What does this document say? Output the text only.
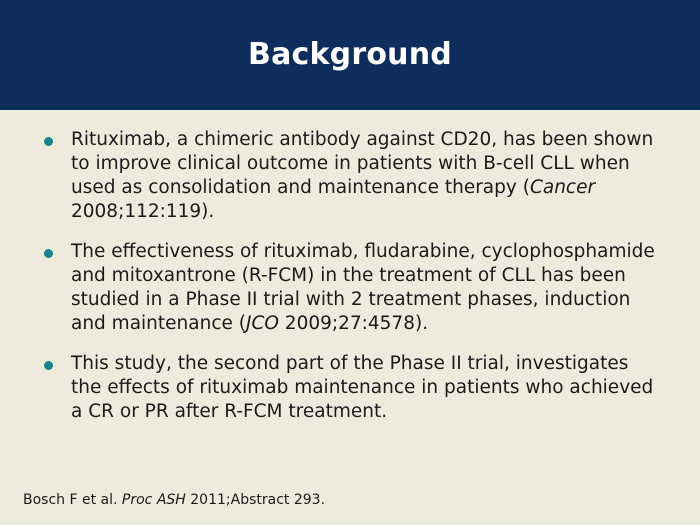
Background
Rituximab, a chimeric antibody against CD20, has been shown to improve clinical outcome in patients with B-cell CLL when used as consolidation and maintenance therapy (Cancer 2008;112:119).
The effectiveness of rituximab, fludarabine, cyclophosphamide and mitoxantrone (R-FCM) in the treatment of CLL has been studied in a Phase II trial with 2 treatment phases, induction and maintenance (JCO 2009;27:4578).
This study, the second part of the Phase II trial, investigates the effects of rituximab maintenance in patients who achieved a CR or PR after R-FCM treatment.
Bosch F et al. Proc ASH 2011;Abstract 293.
